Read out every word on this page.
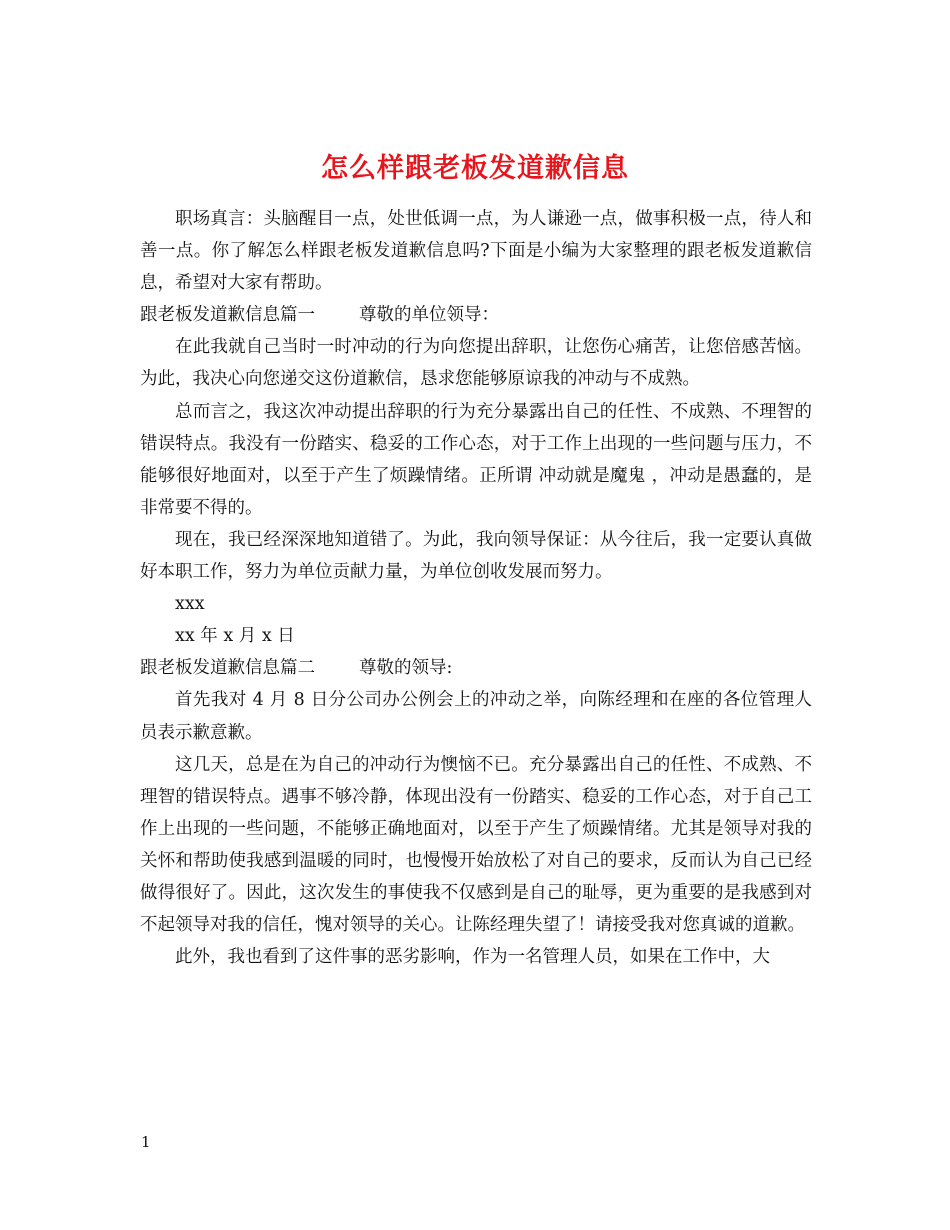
怎么样跟老板发道歉信息

职场真言：头脑醒目一点，处世低调一点，为人谦逊一点，做事积极一点，待人和善一点。你了解怎么样跟老板发道歉信息吗?下面是小编为大家整理的跟老板发道歉信息，希望对大家有帮助。

跟老板发道歉信息篇一	尊敬的单位领导：

在此我就自己当时一时冲动的行为向您提出辞职，让您伤心痛苦，让您倍感苦恼。为此，我决心向您递交这份道歉信，恳求您能够原谅我的冲动与不成熟。

总而言之，我这次冲动提出辞职的行为充分暴露出自己的任性、不成熟、不理智的错误特点。我没有一份踏实、稳妥的工作心态，对于工作上出现的一些问题与压力，不能够很好地面对，以至于产生了烦躁情绪。正所谓 冲动就是魔鬼 ，冲动是愚蠢的，是非常要不得的。

现在，我已经深深地知道错了。为此，我向领导保证：从今往后，我一定要认真做好本职工作，努力为单位贡献力量，为单位创收发展而努力。

xxx

xx 年 x 月 x 日

跟老板发道歉信息篇二	尊敬的领导:

首先我对 4 月 8 日分公司办公例会上的冲动之举，向陈经理和在座的各位管理人员表示歉意歉。

这几天，总是在为自己的冲动行为懊恼不已。充分暴露出自己的任性、不成熟、不理智的错误特点。遇事不够冷静，体现出没有一份踏实、稳妥的工作心态，对于自己工作上出现的一些问题，不能够正确地面对，以至于产生了烦躁情绪。尤其是领导对我的关怀和帮助使我感到温暖的同时，也慢慢开始放松了对自己的要求，反而认为自己已经做得很好了。因此，这次发生的事使我不仅感到是自己的耻辱，更为重要的是我感到对不起领导对我的信任，愧对领导的关心。让陈经理失望了！请接受我对您真诚的道歉。

此外，我也看到了这件事的恶劣影响，作为一名管理人员，如果在工作中，大

1
